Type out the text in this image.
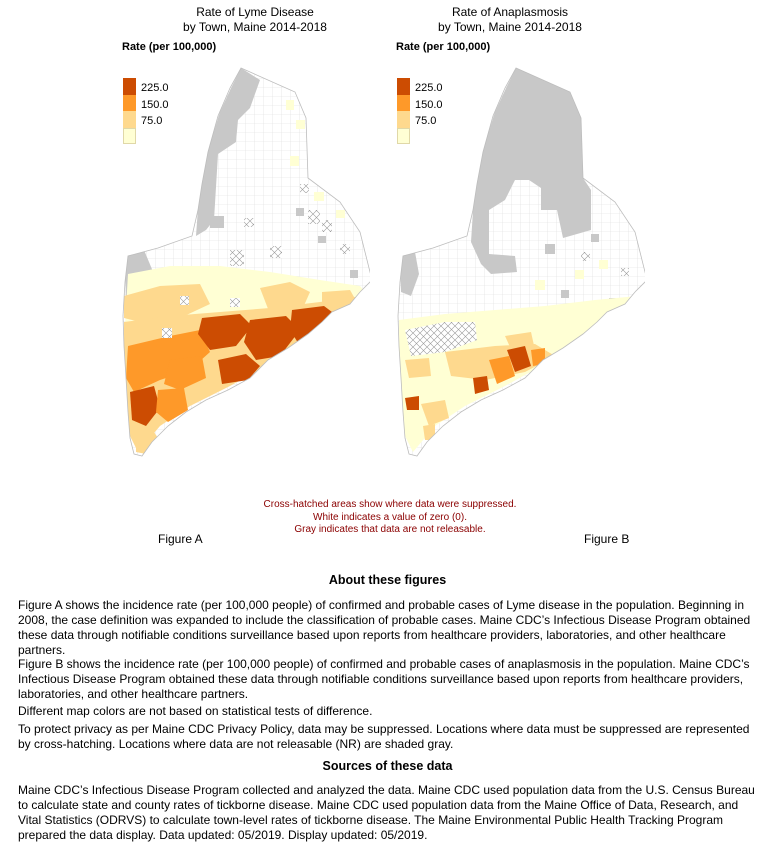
Rate of Lyme Disease
by Town, Maine 2014-2018
Rate (per 100,000)
225.0
150.0
75.0
Figure A
Rate of Anaplasmosis
by Town, Maine 2014-2018
Rate (per 100,000)
225.0
150.0
75.0
Figure B
Cross-hatched areas show where data were suppressed.
White indicates a value of zero (0).
Gray indicates that data are not releasable.
About these figures
Figure A shows the incidence rate (per 100,000 people) of confirmed and probable cases of Lyme disease in the population. Beginning in 2008, the case definition was expanded to include the classification of probable cases. Maine CDC’s Infectious Disease Program obtained these data through notifiable conditions surveillance based upon reports from healthcare providers, laboratories, and other healthcare partners.
Figure B shows the incidence rate (per 100,000 people) of confirmed and probable cases of anaplasmosis in the population. Maine CDC’s Infectious Disease Program obtained these data through notifiable conditions surveillance based upon reports from healthcare providers, laboratories, and other healthcare partners.
Different map colors are not based on statistical tests of difference.
To protect privacy as per Maine CDC Privacy Policy, data may be suppressed. Locations where data must be suppressed are represented by cross-hatching. Locations where data are not releasable (NR) are shaded gray.
Sources of these data
Maine CDC’s Infectious Disease Program collected and analyzed the data. Maine CDC used population data from the U.S. Census Bureau to calculate state and county rates of tickborne disease. Maine CDC used population data from the Maine Office of Data, Research, and Vital Statistics (ODRVS) to calculate town-level rates of tickborne disease. The Maine Environmental Public Health Tracking Program prepared the data display. Data updated: 05/2019. Display updated: 05/2019.
